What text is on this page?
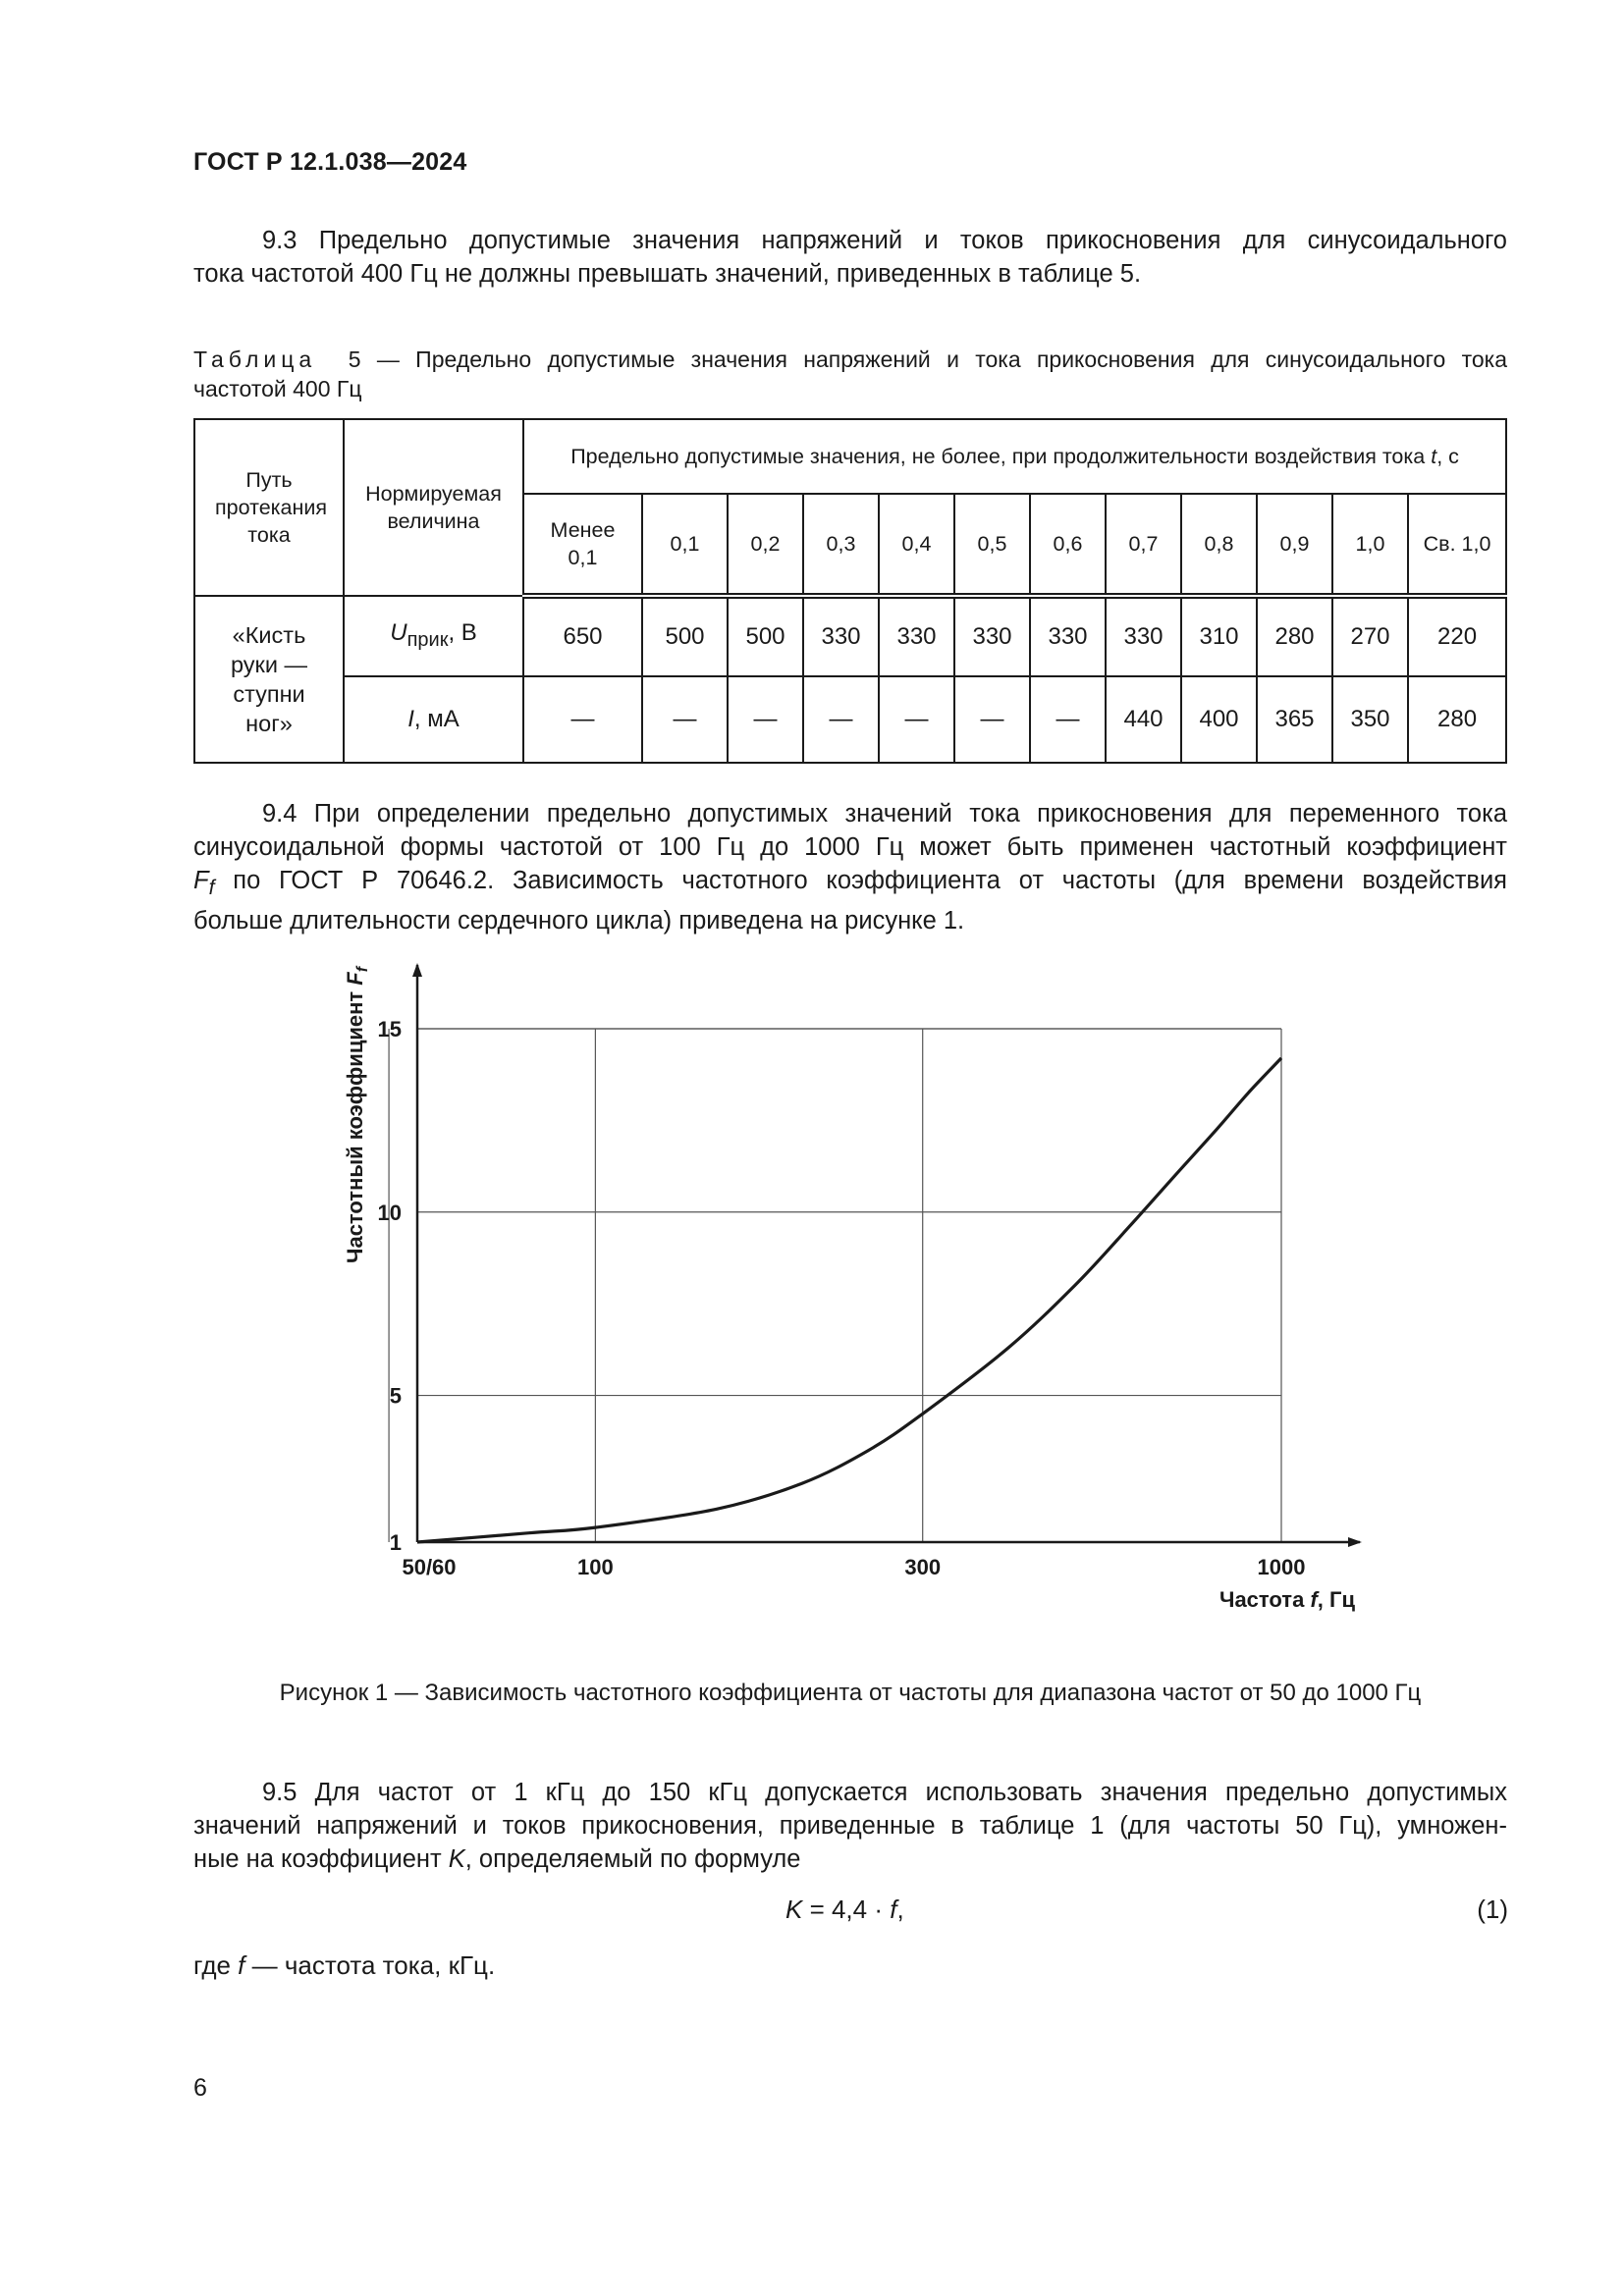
ГОСТ Р 12.1.038—2024
9.3 Предельно допустимые значения напряжений и токов прикосновения для синусоидального
тока частотой 400 Гц не должны превышать значений, приведенных в таблице 5.
Таблица 5 — Предельно допустимые значения напряжений и тока прикосновения для синусоидального тока
частотой 400 Гц
Путь протекания тока	Нормируемая величина	Предельно допустимые значения, не более, при продолжительности воздействия тока t, с											

		Менее 0,1	0,1	0,2	0,3	0,4	0,5	0,6	0,7	0,8	0,9	1,0	Св. 1,0

«Кисть руки — ступни ног»	$U_{прик}$, В	650	500	500	330	330	330	330	330	310	280	270	220
	I, мА	—	—	—	—	—	—	—	440	400	365	350	280
9.4 При определении предельно допустимых значений тока прикосновения для переменного тока
синусоидальной формы частотой от 100 Гц до 1000 Гц может быть применен частотный коэффициент
$F_f$ по ГОСТ Р 70646.2. Зависимость частотного коэффициента от частоты (для времени воздействия
больше длительности сердечного цикла) приведена на рисунке 1.
1
5
10
15
50/60	100	300	1000
Частотный коэффициент $F_f$
Частота f, Гц
Рисунок 1 — Зависимость частотного коэффициента от частоты для диапазона частот от 50 до 1000 Гц
9.5 Для частот от 1 кГц до 150 кГц допускается использовать значения предельно допустимых
значений напряжений и токов прикосновения, приведенные в таблице 1 (для частоты 50 Гц), умножен-
ные на коэффициент K, определяемый по формуле
K = 4,4 · f,	(1)
где f — частота тока, кГц.
6
